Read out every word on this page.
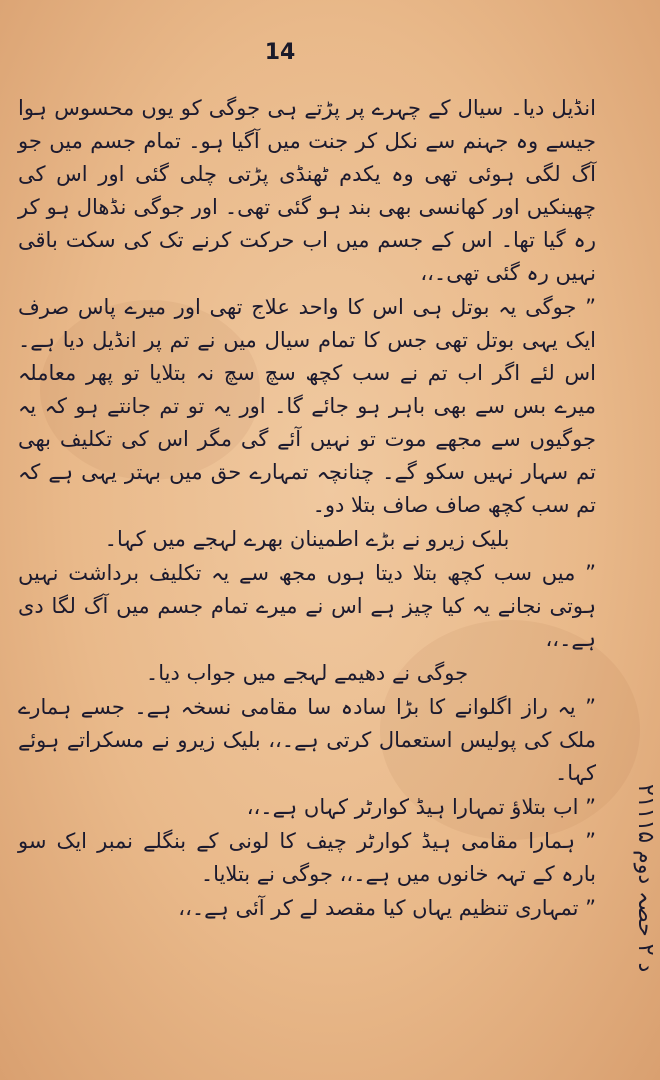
14

انڈیل دیا۔ سیال کے چہرے پر پڑتے ہی جوگی کو یوں محسوس ہوا جیسے وہ جہنم سے نکل کر جنت میں آگیا ہو۔ تمام جسم میں جو آگ لگی ہوئی تھی وہ یکدم ٹھنڈی پڑتی چلی گئی اور اس کی چھینکیں اور کھانسی بھی بند ہو گئی تھی۔ اور جوگی نڈھال ہو کر رہ گیا تھا۔ اس کے جسم میں اب حرکت کرنے تک کی سکت باقی نہیں رہ گئی تھی۔،،

” جوگی یہ بوتل ہی اس کا واحد علاج تھی اور میرے پاس صرف ایک یہی بوتل تھی جس کا تمام سیال میں نے تم پر انڈیل دیا ہے۔ اس لئے اگر اب تم نے سب کچھ سچ سچ نہ بتلایا تو پھر معاملہ میرے بس سے بھی باہر ہو جائے گا۔ اور یہ تو تم جانتے ہو کہ یہ جوگیوں سے مجھے موت تو نہیں آئے گی مگر اس کی تکلیف بھی تم سہار نہیں سکو گے۔ چنانچہ تمہارے حق میں بہتر یہی ہے کہ تم سب کچھ صاف صاف بتلا دو۔

بلیک زیرو نے بڑے اطمینان بھرے لہجے میں کہا۔

” میں سب کچھ بتلا دیتا ہوں مجھ سے یہ تکلیف برداشت نہیں ہوتی نجانے یہ کیا چیز ہے اس نے میرے تمام جسم میں آگ لگا دی ہے۔،،

جوگی نے دھیمے لہجے میں جواب دیا۔

” یہ راز اگلوانے کا بڑا سادہ سا مقامی نسخہ ہے۔ جسے ہمارے ملک کی پولیس استعمال کرتی ہے۔،، بلیک زیرو نے مسکراتے ہوئے کہا۔

” اب بتلاؤ تمہارا ہیڈ کوارٹر کہاں ہے۔،،

” ہمارا مقامی ہیڈ کوارٹر چیف کا لونی کے بنگلے نمبر ایک سو بارہ کے تہہ خانوں میں ہے۔،، جوگی نے بتلایا۔

” تمہاری تنظیم یہاں کیا مقصد لے کر آئی ہے۔،،

د ۲ حصہ دوم ۲۱۱۱۵
